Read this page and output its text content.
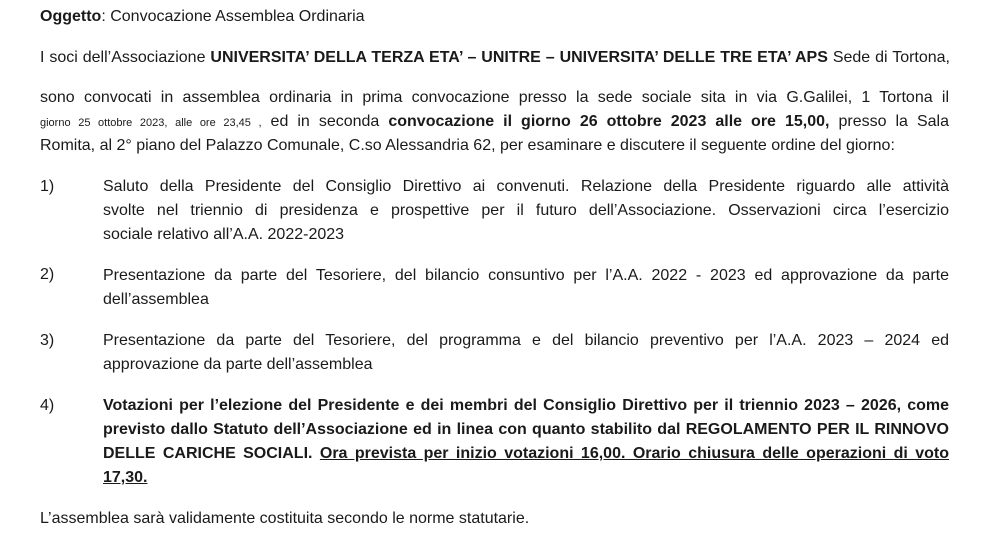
Oggetto: Convocazione Assemblea Ordinaria
I soci dell’Associazione UNIVERSITA’ DELLA TERZA ETA’ – UNITRE – UNIVERSITA’ DELLE TRE ETA’ APS Sede di Tortona,
sono convocati in assemblea ordinaria in prima convocazione presso la sede sociale sita in via G.Galilei, 1 Tortona il
giorno 25 ottobre 2023, alle ore 23,45 , ed in seconda convocazione il giorno 26 ottobre 2023 alle ore 15,00, presso la Sala
Romita, al 2° piano del Palazzo Comunale, C.so Alessandria 62, per esaminare e discutere il seguente ordine del giorno:
1)	Saluto della Presidente del Consiglio Direttivo ai convenuti. Relazione della Presidente riguardo alle attività
svolte nel triennio di presidenza e prospettive per il futuro dell’Associazione. Osservazioni circa l’esercizio
sociale relativo all’A.A. 2022-2023
2)	Presentazione da parte del Tesoriere, del bilancio consuntivo per l’A.A. 2022 - 2023 ed approvazione da parte
dell’assemblea
3)	Presentazione da parte del Tesoriere, del programma e del bilancio preventivo per l’A.A. 2023 – 2024 ed
approvazione da parte dell’assemblea
4)	Votazioni per l’elezione del Presidente e dei membri del Consiglio Direttivo per il triennio 2023 – 2026, come
previsto dallo Statuto dell’Associazione ed in linea con quanto stabilito dal REGOLAMENTO PER IL RINNOVO
DELLE CARICHE SOCIALI. Ora prevista per inizio votazioni 16,00. Orario chiusura delle operazioni di voto
17,30.
L’assemblea sarà validamente costituita secondo le norme statutarie.
